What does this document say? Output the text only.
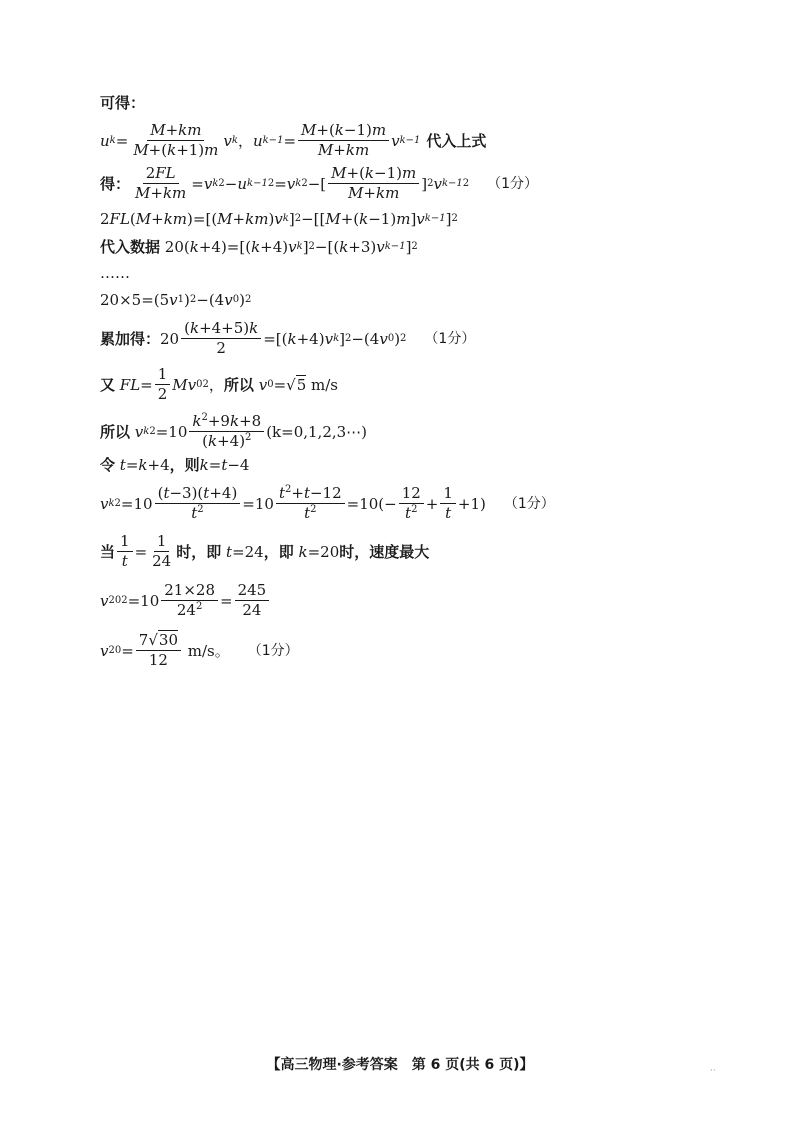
可得：
u $k = \frac{M+km}{M+(k+1)m}$ v k ， u $k-1 = \frac{M+(k-1)m}{M+km}$ v k−1 代入上式
得： $\frac{2FL}{M+km} = v$ k 2 − u k−1 2 = v k 2 −[ $\frac{M+(k-1)m}{M+km}$ ] 2 v k−1 2 （1分）
2 FL ( M + km )=[( M + km ) v k ] 2 −[[ M +( k −1) m ] v k−1 ] 2
代入数据 20( k +4)=[( k +4) v k ] 2 −[( k +3) v k−1 ] 2
……
20×5=(5 v 1 ) 2 −(4 v 0 ) 2
累加得： $20 \frac{(k+4+5)k}{2}$ =[( k +4) v k ] 2 −(4 v 0 ) 2 （1分）
又
FL = $\frac{1}{2}$ M v 0 2 ， 所以
v 0 =√ 5
m/s
所以
v k $2 =10 \frac{k^2+9k+8}{(k+4)^2}$ (k=0,1,2,3⋯)
令
t = k +4 ，则 k = t −4
v k $2 =10 \frac{(t-3)(t+4)}{t^2} =10 \frac{t^2+t-12}{t^2} =10(- \frac{12}{t^2} + \frac{1}{t} +1)$ （1分）
当 $\frac{1}{t} = \frac{1}{24}$ 时，即
t =24 ，即
k =20 时，速度最大
v 20 $2 =10 \frac{21\times 28}{24^2} = \frac{245}{24}$
v $20 = \frac{7√30}{12}$
m/s。 （1分）
【高三物理·参考答案　第 6 页(共 6 页)】	··
